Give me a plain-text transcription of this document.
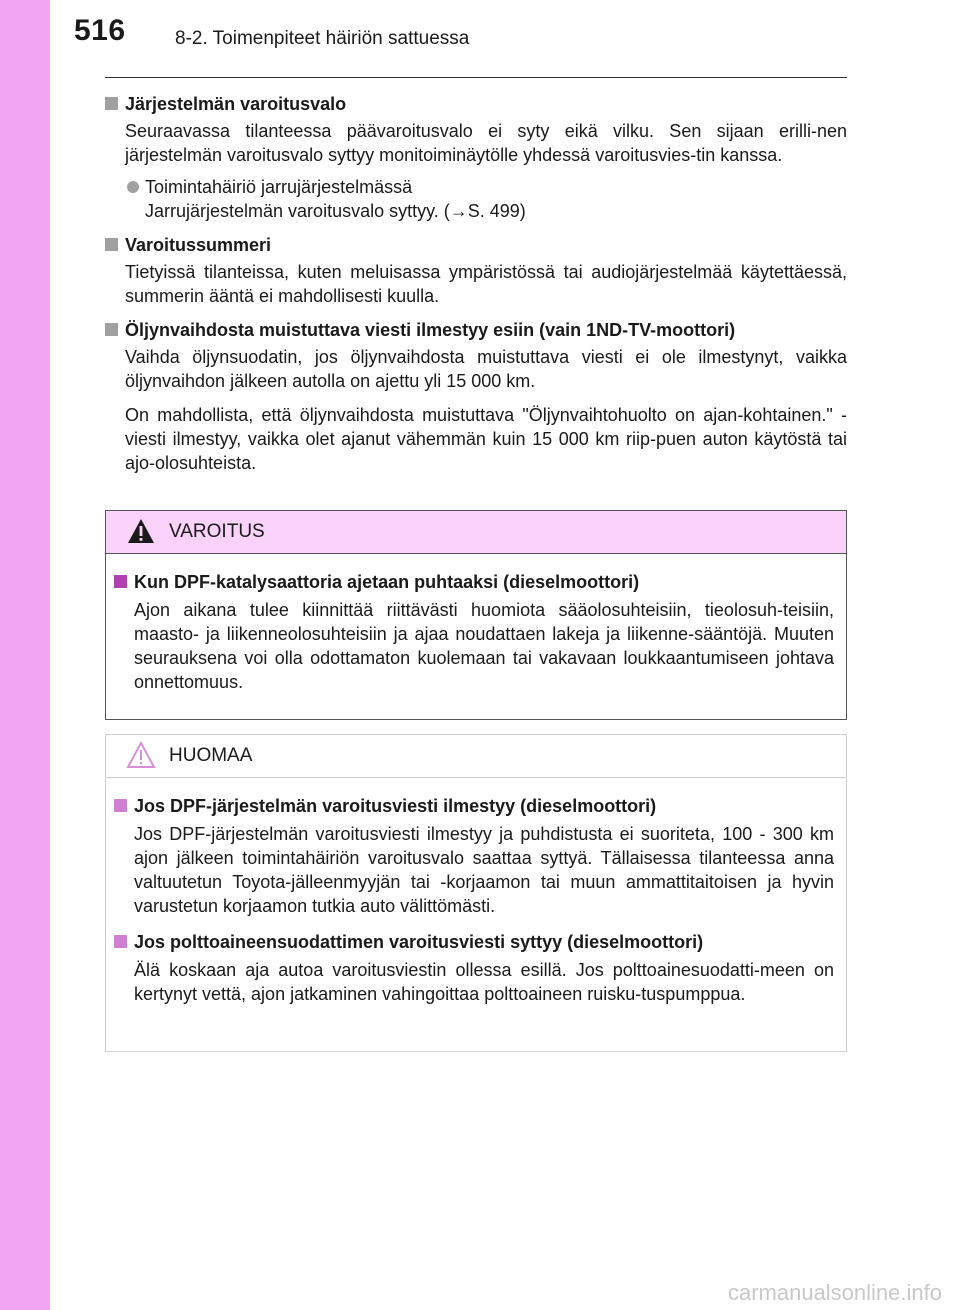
516	8-2. Toimenpiteet häiriön sattuessa
Järjestelmän varoitusvalo

Seuraavassa tilanteessa päävaroitusvalo ei syty eikä vilku. Sen sijaan erilli-nen järjestelmän varoitusvalo syttyy monitoiminäytölle yhdessä varoitusvies-tin kanssa.

Toimintahäiriö jarrujärjestelmässä
Jarrujärjestelmän varoitusvalo syttyy. (→S. 499)
Varoitussummeri

Tietyissä tilanteissa, kuten meluisassa ympäristössä tai audiojärjestelmää käytettäessä, summerin ääntä ei mahdollisesti kuulla.

Öljynvaihdosta muistuttava viesti ilmestyy esiin (vain 1ND-TV-moottori)

Vaihda öljynsuodatin, jos öljynvaihdosta muistuttava viesti ei ole ilmestynyt, vaikka öljynvaihdon jälkeen autolla on ajettu yli 15 000 km.

On mahdollista, että öljynvaihdosta muistuttava "Öljynvaihtohuolto on ajan-kohtainen." -viesti ilmestyy, vaikka olet ajanut vähemmän kuin 15 000 km riip-puen auton käytöstä tai ajo-olosuhteista.

VAROITUS
Kun DPF-katalysaattoria ajetaan puhtaaksi (dieselmoottori)

Ajon aikana tulee kiinnittää riittävästi huomiota sääolosuhteisiin, tieolosuh-teisiin, maasto- ja liikenneolosuhteisiin ja ajaa noudattaen lakeja ja liikenne-sääntöjä. Muuten seurauksena voi olla odottamaton kuolemaan tai vakavaan loukkaantumiseen johtava onnettomuus.

HUOMAA
Jos DPF-järjestelmän varoitusviesti ilmestyy (dieselmoottori)

Jos DPF-järjestelmän varoitusviesti ilmestyy ja puhdistusta ei suoriteta, 100 - 300 km ajon jälkeen toimintahäiriön varoitusvalo saattaa syttyä. Tällaisessa tilanteessa anna valtuutetun Toyota-jälleenmyyjän tai -korjaamon tai muun ammattitaitoisen ja hyvin varustetun korjaamon tutkia auto välittömästi.

Jos polttoaineensuodattimen varoitusviesti syttyy (dieselmoottori)

Älä koskaan aja autoa varoitusviestin ollessa esillä. Jos polttoainesuodatti-meen on kertynyt vettä, ajon jatkaminen vahingoittaa polttoaineen ruisku-tuspumppua.

carmanualsonline.info
